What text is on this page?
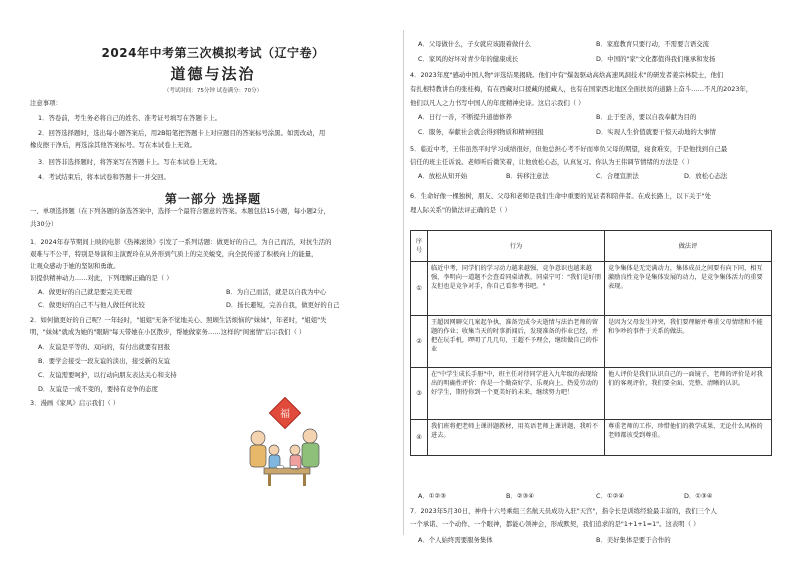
2024年中考第三次模拟考试（辽宁卷）
道德与法治
（考试时间：75分钟 试卷满分：70分）
注意事项：
1．答卷前，考生务必将自己的姓名、准考证号填写在答题卡上。
2．回答选择题时，选出每小题答案后，用2B铅笔把答题卡上对应题目的答案标号涂黑。如需改动，用
橡皮擦干净后，再选涂其他答案标号。写在本试卷上无效。
3．回答非选择题时，将答案写在答题卡上。写在本试卷上无效。
4．考试结束后，将本试卷和答题卡一并交回。
第一部分 选择题
一、单项选择题（在下列各题的备选答案中，选择一个最符合题意的答案。本题包括15小题，每小题2分，
共30分）
1．2024年春节期间上映的电影《热辣滚烫》引发了一系列话题：做更好的自己，为自己而活，对抗生活的
艰难与不公平，特别是导演和主演贾玲在从外形到气质上的完美蜕变，向全民传递了积极向上的能量，
让观众感动于她的坚韧和勇敢。
识提供精神动力……对此，下列理解正确的是（ ）
A．做更好的自己就是要完美无瑕	B．为自己而活，就是以自我为中心
C．做更好的自己不与他人做任何比较	D．扬长避短，完善自我，做更好的自己
2．如何做更好的自己呢？一年轻时，"姐姐"无条不觉地关心、照顾生活烦恼的"妹妹"，年老时，"姐姐"失
明，"妹妹"就成为她的"眼睛"每天带她在小区散步，帮她做家务……这样的"闺蜜情"启示我们（ ）
A．友谊是平等的、双向的，有付出就要有回报
B．要学会接受一段友谊的淡出，接受新的友谊
C．友谊需要呵护，以行动向朋友表达关心和支持
D．友谊是一成不变的，要持有竞争的态度
3．漫画《家风》启示我们（ ）
福
A．父母做什么，子女就应该跟着做什么	B．家庭教育只要行动，不需要言语交流
C．家风的好坏对青少年的健康成长	D．中国的"家"文化都值得我们继承和发扬
4．2023年度"感动中国人物"评选结果揭晓。他们中有"爆轰驱动高焓高速风洞技术"的研发者姜宗林院士，他们
有扎根特教讲台的张桂梅，有在西藏对口援藏的援藏人，也有在国家西北地区全面扶贫的道路上奋斗……不凡的2023年，
他们以凡人之力书写中国人的年度精神史诗。这启示我们（ ）
A．日行一善，不断提升道德修养	B．止于至善，要以自我奉献为目的
C．服务，奉献社会就会得到物质和精神回报	D．实现人生价值就要干惊天动地的大事情
5．临近中考，王伟虽然平时学习成绩很好，但他总担心考不好而辜负父母的期望，寝食难安，于是他找到自己最
信任的班主任诉说。老师听后微笑着，让他放松心态，认真复习。你认为王伟调节情绪的方法是（ ）
A．放松从知开始	B．转移注意法	C．合理宣泄法	D．放松心态法
6．生命好像一棵独树，朋友、父母和老师是我们生命中重要的见证者和陪伴者。在成长路上，以下关于"处
理人际关系"的做法评正确的是（ ）
序号	行为	做法评
①	临近中考，同学们的学习动力越来越强，竞争意识也越来越强，李明向一道题不会查看同桌请教，同桌宁可："我们是好朋友但也是竞争对手，你自己看参考书吧。"	竞争集体是无完满动力，集体成员之间要有向下同，相互激励良性竞争是集体发展的动力，是竞争集体活力的重要表现。
②	王超因网聊交几案起争执，准备完成今天逝情与法治老师的留题的作业；收集当天的时事新闻后，发现准备的作业已经，并把在玩手机，啰叨了几几句，王超不予理会，继续做自己的作业	是因为父母发生冲突，我们要理解并尊重父母情绪和不能和争吵的事件于关系的做法。
③	在"中学生成长手册"中，班主任对待同学进入九年级的表现给出的明确性评价：你是一个勤奋好学、乐观向上、热爱劳动的好学生，期待你到一个更美好的未来，继续努力吧！	他人评价是我们认识自己的一面镜子，老师的评价是对我们的客观评价，我们要全面、完整、清晰的认识。
④	我们班将把老师上课讲题教材，用英语老师上课讲题，我听不进去。	尊重老师的工作，珍惜他们的教学成果，无论什么风格的老师都该受到尊重。
A．①②③	B．②③④	C．①②④	D．①③④
7．2023年5月30日，神舟十六号乘组三名航天员成功入驻"天宫"，指令长是训练经验最丰富的，我们三个人
一个承诺、一个动作、一个眼神，都能心领神会，形成默契，我们追求的是"1+1+1=1"。这表明（ ）
A．个人始终需要服务集体	B．美好集体是要于合作的
